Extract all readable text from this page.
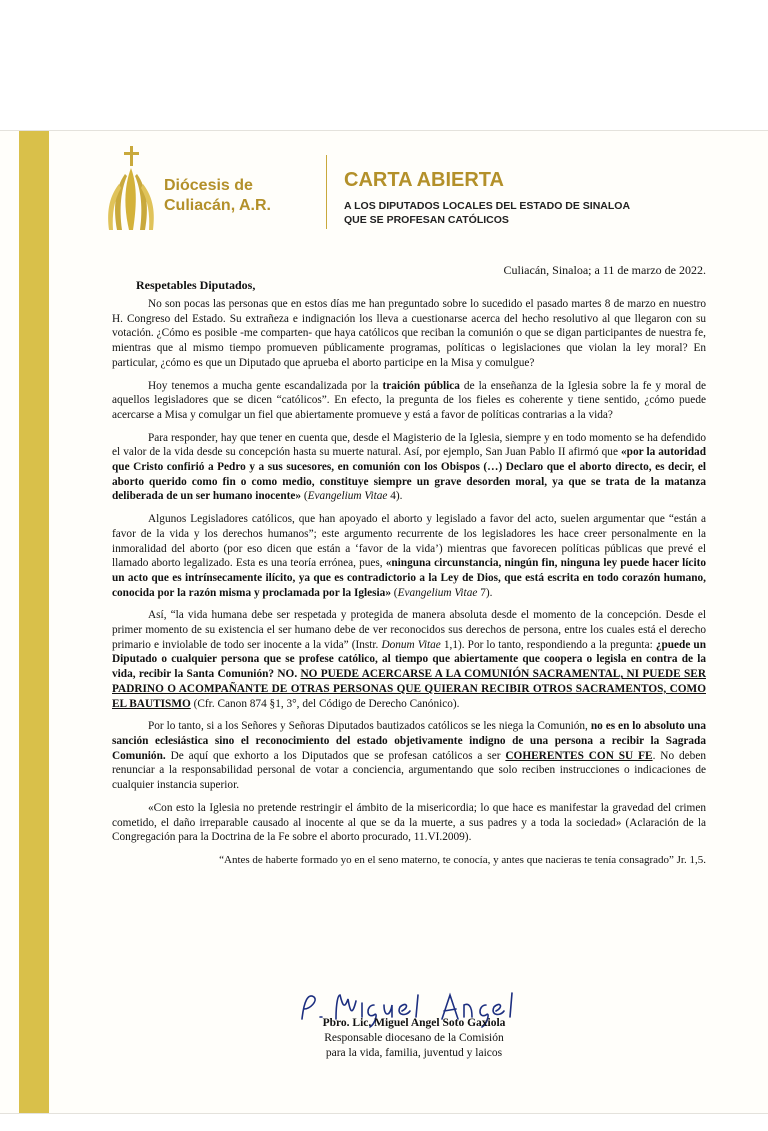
Diócesis de
Culiacán, A.R.
CARTA ABIERTA
A LOS DIPUTADOS LOCALES DEL ESTADO DE SINALOA
QUE SE PROFESAN CATÓLICOS
Culiacán, Sinaloa; a 11 de marzo de 2022.
Respetables Diputados,

No son pocas las personas que en estos días me han preguntado sobre lo sucedido el pasado martes 8 de marzo en nuestro H. Congreso del Estado. Su extrañeza e indignación los lleva a cuestionarse acerca del hecho resolutivo al que llegaron con su votación. ¿Cómo es posible -me comparten- que haya católicos que reciban la comunión o que se digan participantes de nuestra fe, mientras que al mismo tiempo promueven públicamente programas, políticas o legislaciones que violan la ley moral? En particular, ¿cómo es que un Diputado que aprueba el aborto participe en la Misa y comulgue?

Hoy tenemos a mucha gente escandalizada por la traición pública de la enseñanza de la Iglesia sobre la fe y moral de aquellos legisladores que se dicen “católicos”. En efecto, la pregunta de los fieles es coherente y tiene sentido, ¿cómo puede acercarse a Misa y comulgar un fiel que abiertamente promueve y está a favor de políticas contrarias a la vida?

Para responder, hay que tener en cuenta que, desde el Magisterio de la Iglesia, siempre y en todo momento se ha defendido el valor de la vida desde su concepción hasta su muerte natural. Así, por ejemplo, San Juan Pablo II afirmó que «por la autoridad que Cristo confirió a Pedro y a sus sucesores, en comunión con los Obispos (…) Declaro que el aborto directo, es decir, el aborto querido como fin o como medio, constituye siempre un grave desorden moral, ya que se trata de la matanza deliberada de un ser humano inocente» (Evangelium Vitae 4).

Algunos Legisladores católicos, que han apoyado el aborto y legislado a favor del acto, suelen argumentar que “están a favor de la vida y los derechos humanos”; este argumento recurrente de los legisladores les hace creer personalmente en la inmoralidad del aborto (por eso dicen que están a ‘favor de la vida’) mientras que favorecen políticas públicas que prevé el llamado aborto legalizado. Esta es una teoría errónea, pues, «ninguna circunstancia, ningún fin, ninguna ley puede hacer lícito un acto que es intrínsecamente ilícito, ya que es contradictorio a la Ley de Dios, que está escrita en todo corazón humano, conocida por la razón misma y proclamada por la Iglesia» (Evangelium Vitae 7).

Así, “la vida humana debe ser respetada y protegida de manera absoluta desde el momento de la concepción. Desde el primer momento de su existencia el ser humano debe de ver reconocidos sus derechos de persona, entre los cuales está el derecho primario e inviolable de todo ser inocente a la vida” (Instr. Donum Vitae 1,1). Por lo tanto, respondiendo a la pregunta: ¿puede un Diputado o cualquier persona que se profese católico, al tiempo que abiertamente que coopera o legisla en contra de la vida, recibir la Santa Comunión? NO. NO PUEDE ACERCARSE A LA COMUNIÓN SACRAMENTAL, NI PUEDE SER PADRINO O ACOMPAÑANTE DE OTRAS PERSONAS QUE QUIERAN RECIBIR OTROS SACRAMENTOS, COMO EL BAUTISMO (Cfr. Canon 874 §1, 3°, del Código de Derecho Canónico).

Por lo tanto, si a los Señores y Señoras Diputados bautizados católicos se les niega la Comunión, no es en lo absoluto una sanción eclesiástica sino el reconocimiento del estado objetivamente indigno de una persona a recibir la Sagrada Comunión. De aquí que exhorto a los Diputados que se profesan católicos a ser COHERENTES CON SU FE. No deben renunciar a la responsabilidad personal de votar a conciencia, argumentando que solo reciben instrucciones o indicaciones de cualquier instancia superior.

«Con esto la Iglesia no pretende restringir el ámbito de la misericordia; lo que hace es manifestar la gravedad del crimen cometido, el daño irreparable causado al inocente al que se da la muerte, a sus padres y a toda la sociedad» (Aclaración de la Congregación para la Doctrina de la Fe sobre el aborto procurado, 11.VI.2009).

“Antes de haberte formado yo en el seno materno, te conocía, y antes que nacieras te tenía consagrado” Jr. 1,5.
Pbro. Lic. Miguel Angel Soto Gaxiola
Responsable diocesano de la Comisión
para la vida, familia, juventud y laicos
